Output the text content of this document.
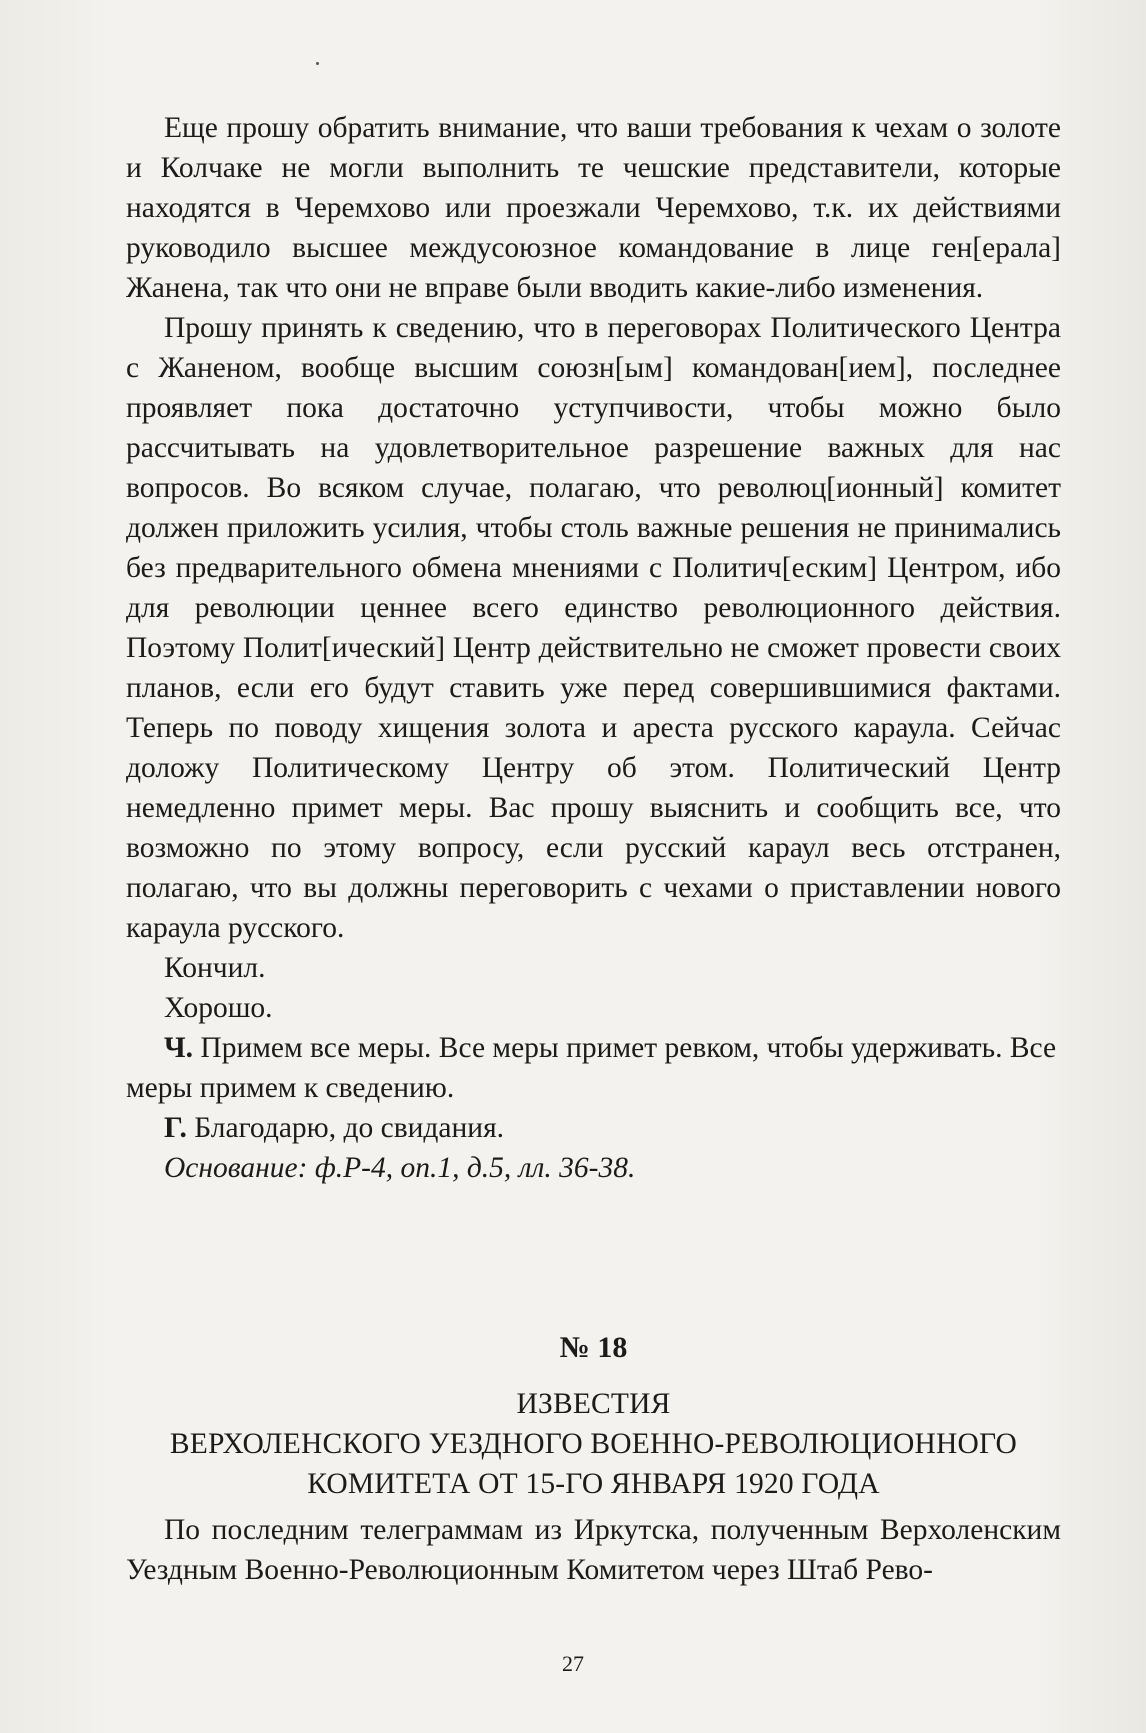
Еще прошу обратить внимание, что ваши требования к чехам о золоте и Колчаке не могли выполнить те чешские представители, которые находятся в Черемхово или проезжали Черемхово, т.к. их действиями руководило высшее междусоюзное командование в лице ген[ерала] Жанена, так что они не вправе были вводить какие-либо изменения.

Прошу принять к сведению, что в переговорах Политического Центра с Жаненом, вообще высшим союзн[ым] командован[ием], последнее проявляет пока достаточно уступчивости, чтобы можно было рассчитывать на удовлетворительное разрешение важных для нас вопросов. Во всяком случае, полагаю, что революц[ионный] комитет должен приложить усилия, чтобы столь важные решения не принимались без предварительного обмена мнениями с Политич[еским] Центром, ибо для революции ценнее всего единство революционного действия. Поэтому Полит[ический] Центр действительно не сможет провести своих планов, если его будут ставить уже перед совершившимися фактами. Теперь по поводу хищения золота и ареста русского караула. Сейчас доложу Политическому Центру об этом. Политический Центр немедленно примет меры. Вас прошу выяснить и сообщить все, что возможно по этому вопросу, если русский караул весь отстранен, полагаю, что вы должны переговорить с чехами о приставлении нового караула русского.

Кончил.

Хорошо.

Ч. Примем все меры. Все меры примет ревком, чтобы удерживать. Все меры примем к сведению.

Г. Благодарю, до свидания.

Основание: ф.Р-4, оп.1, д.5, лл. 36-38.

№ 18
ИЗВЕСТИЯ
ВЕРХОЛЕНСКОГО УЕЗДНОГО ВОЕННО-РЕВОЛЮЦИОННОГО
КОМИТЕТА ОТ 15-ГО ЯНВАРЯ 1920 ГОДА

По последним телеграммам из Иркутска, полученным Верхоленским Уездным Военно-Революционным Комитетом через Штаб Рево-

27
